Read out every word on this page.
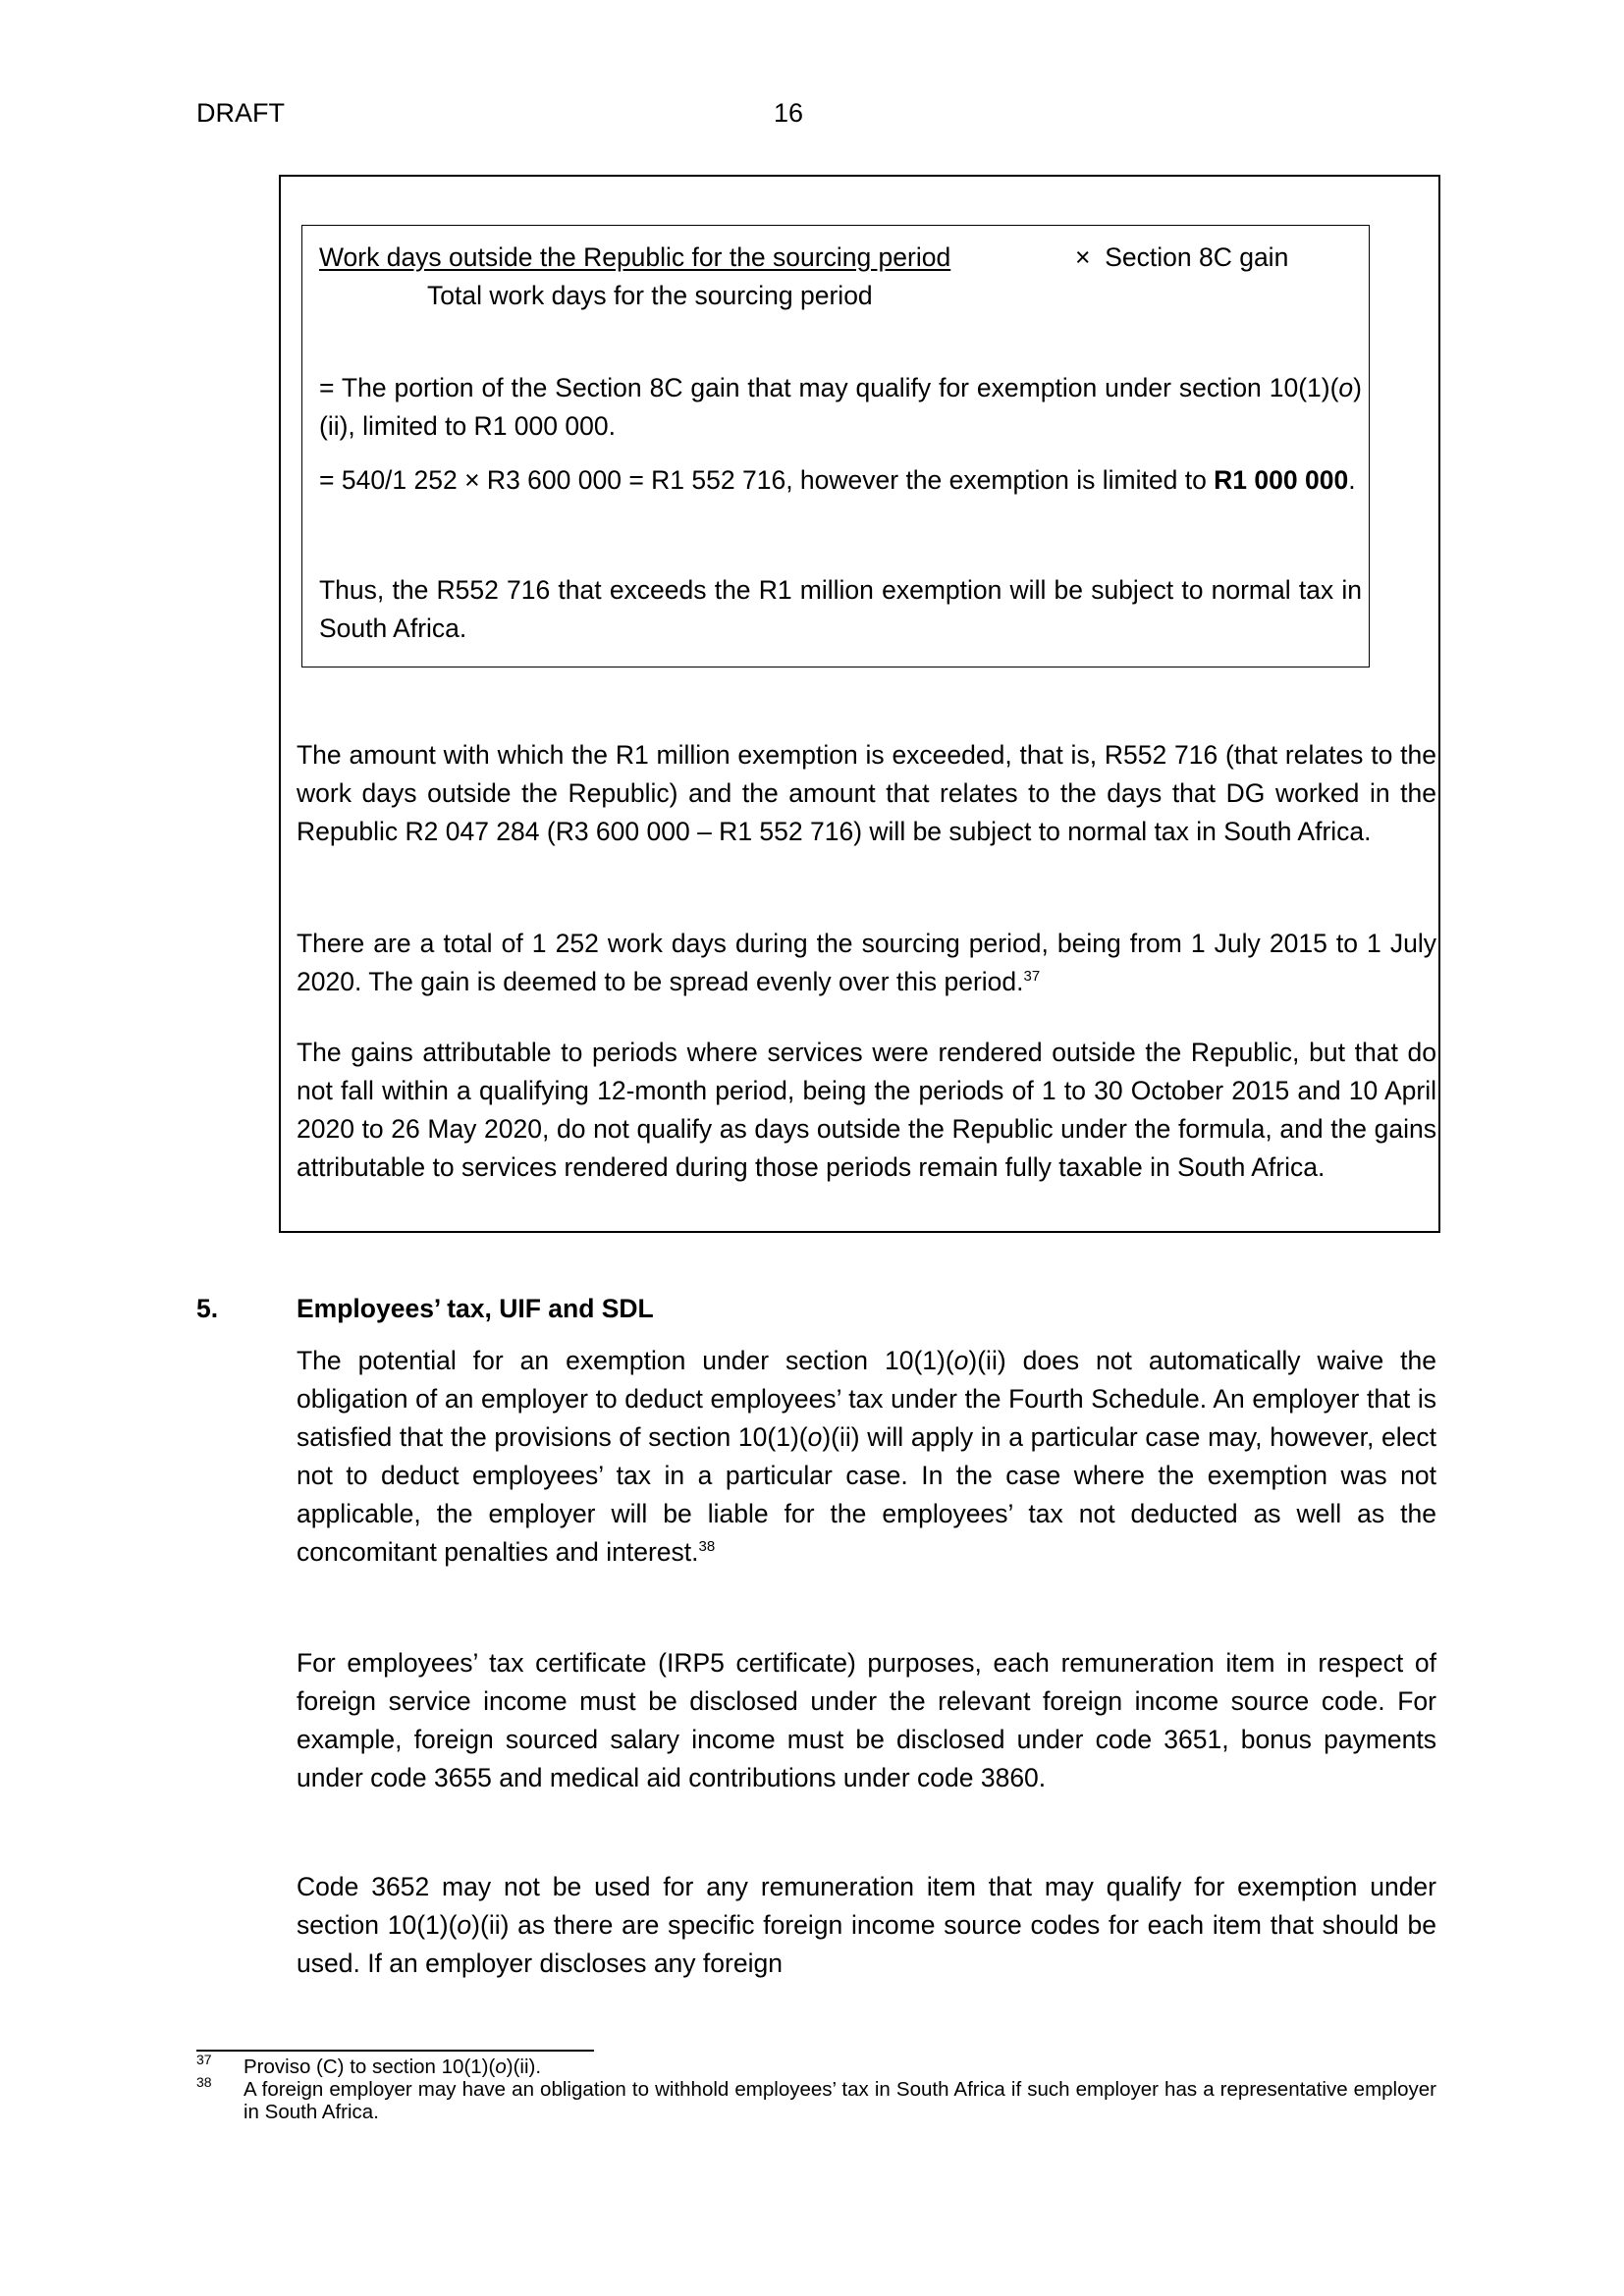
DRAFT	16
Work days outside the Republic for the sourcing period	× Section 8C gain
Total work days for the sourcing period
= The portion of the Section 8C gain that may qualify for exemption under section 10(1)(o)(ii), limited to R1 000 000.
= 540/1 252 × R3 600 000 = R1 552 716, however the exemption is limited to R1 000 000.
Thus, the R552 716 that exceeds the R1 million exemption will be subject to normal tax in South Africa.
The amount with which the R1 million exemption is exceeded, that is, R552 716 (that relates to the work days outside the Republic) and the amount that relates to the days that DG worked in the Republic R2 047 284 (R3 600 000 – R1 552 716) will be subject to normal tax in South Africa.
There are a total of 1 252 work days during the sourcing period, being from 1 July 2015 to 1 July 2020. The gain is deemed to be spread evenly over this period.$^{37}$
The gains attributable to periods where services were rendered outside the Republic, but that do not fall within a qualifying 12-month period, being the periods of 1 to 30 October 2015 and 10 April 2020 to 26 May 2020, do not qualify as days outside the Republic under the formula, and the gains attributable to services rendered during those periods remain fully taxable in South Africa.
5.	Employees’ tax, UIF and SDL
The potential for an exemption under section 10(1)(o)(ii) does not automatically waive the obligation of an employer to deduct employees’ tax under the Fourth Schedule. An employer that is satisfied that the provisions of section 10(1)(o)(ii) will apply in a particular case may, however, elect not to deduct employees’ tax in a particular case. In the case where the exemption was not applicable, the employer will be liable for the employees’ tax not deducted as well as the concomitant penalties and interest.$^{38}$
For employees’ tax certificate (IRP5 certificate) purposes, each remuneration item in respect of foreign service income must be disclosed under the relevant foreign income source code. For example, foreign sourced salary income must be disclosed under code 3651, bonus payments under code 3655 and medical aid contributions under code 3860.
Code 3652 may not be used for any remuneration item that may qualify for exemption under section 10(1)(o)(ii) as there are specific foreign income source codes for each item that should be used. If an employer discloses any foreign
37 Proviso (C) to section 10(1)(o)(ii).
38 A foreign employer may have an obligation to withhold employees’ tax in South Africa if such employer has a representative employer in South Africa.
